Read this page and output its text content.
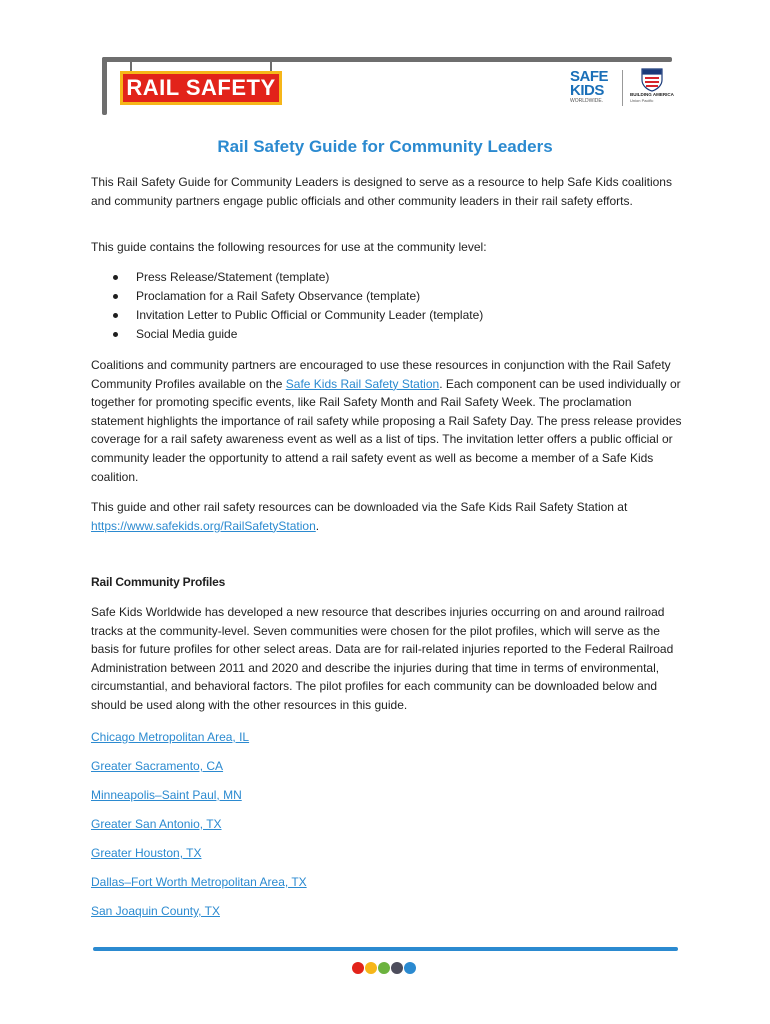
RAIL SAFETY	SAFE
KIDS
WORLDWIDE.
BUILDING AMERICA
Union Pacific
Rail Safety Guide for Community Leaders

This Rail Safety Guide for Community Leaders is designed to serve as a resource to help Safe Kids coalitions and community partners engage public officials and other community leaders in their rail safety efforts.

This guide contains the following resources for use at the community level:

Press Release/Statement (template)
Proclamation for a Rail Safety Observance (template)
Invitation Letter to Public Official or Community Leader (template)
Social Media guide

Coalitions and community partners are encouraged to use these resources in conjunction with the Rail Safety Community Profiles available on the Safe Kids Rail Safety Station. Each component can be used individually or together for promoting specific events, like Rail Safety Month and Rail Safety Week. The proclamation statement highlights the importance of rail safety while proposing a Rail Safety Day. The press release provides coverage for a rail safety awareness event as well as a list of tips. The invitation letter offers a public official or community leader the opportunity to attend a rail safety event as well as become a member of a Safe Kids coalition.

This guide and other rail safety resources can be downloaded via the Safe Kids Rail Safety Station at https://www.safekids.org/RailSafetyStation.

Rail Community Profiles

Safe Kids Worldwide has developed a new resource that describes injuries occurring on and around railroad tracks at the community-level. Seven communities were chosen for the pilot profiles, which will serve as the basis for future profiles for other select areas. Data are for rail-related injuries reported to the Federal Railroad Administration between 2011 and 2020 and describe the injuries during that time in terms of environmental, circumstantial, and behavioral factors. The pilot profiles for each community can be downloaded below and should be used along with the other resources in this guide.

Chicago Metropolitan Area, IL
Greater Sacramento, CA
Minneapolis–Saint Paul, MN
Greater San Antonio, TX
Greater Houston, TX
Dallas–Fort Worth Metropolitan Area, TX
San Joaquin County, TX
